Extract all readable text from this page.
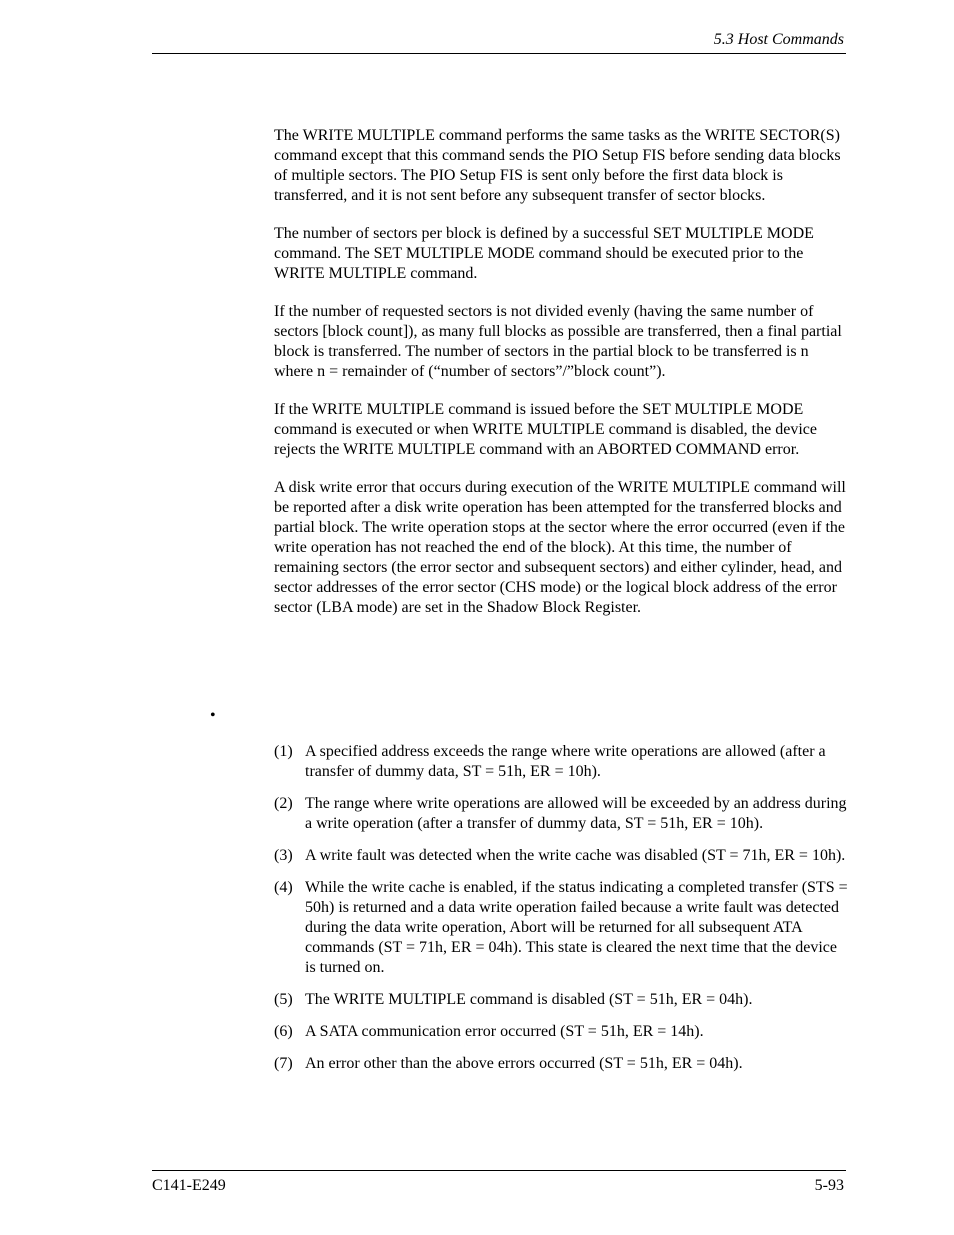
5.3 Host Commands

The WRITE MULTIPLE command performs the same tasks as the WRITE SECTOR(S) command except that this command sends the PIO Setup FIS before sending data blocks of multiple sectors. The PIO Setup FIS is sent only before the first data block is transferred, and it is not sent before any subsequent transfer of sector blocks.

The number of sectors per block is defined by a successful SET MULTIPLE MODE command. The SET MULTIPLE MODE command should be executed prior to the WRITE MULTIPLE command.

If the number of requested sectors is not divided evenly (having the same number of sectors [block count]), as many full blocks as possible are transferred, then a final partial block is transferred. The number of sectors in the partial block to be transferred is n where n = remainder of (“number of sectors”/”block count”).

If the WRITE MULTIPLE command is issued before the SET MULTIPLE MODE command is executed or when WRITE MULTIPLE command is disabled, the device rejects the WRITE MULTIPLE command with an ABORTED COMMAND error.

A disk write error that occurs during execution of the WRITE MULTIPLE command will be reported after a disk write operation has been attempted for the transferred blocks and partial block. The write operation stops at the sector where the error occurred (even if the write operation has not reached the end of the block). At this time, the number of remaining sectors (the error sector and subsequent sectors) and either cylinder, head, and sector addresses of the error sector (CHS mode) or the logical block address of the error sector (LBA mode) are set in the Shadow Block Register.

•
(1) A specified address exceeds the range where write operations are allowed (after a transfer of dummy data, ST = 51h, ER = 10h).
(2) The range where write operations are allowed will be exceeded by an address during a write operation (after a transfer of dummy data, ST = 51h, ER = 10h).
(3) A write fault was detected when the write cache was disabled (ST = 71h, ER = 10h).
(4) While the write cache is enabled, if the status indicating a completed transfer (STS = 50h) is returned and a data write operation failed because a write fault was detected during the data write operation, Abort will be returned for all subsequent ATA commands (ST = 71h, ER = 04h). This state is cleared the next time that the device is turned on.
(5) The WRITE MULTIPLE command is disabled (ST = 51h, ER = 04h).
(6) A SATA communication error occurred (ST = 51h, ER = 14h).
(7) An error other than the above errors occurred (ST = 51h, ER = 04h).
C141-E249	5-93
